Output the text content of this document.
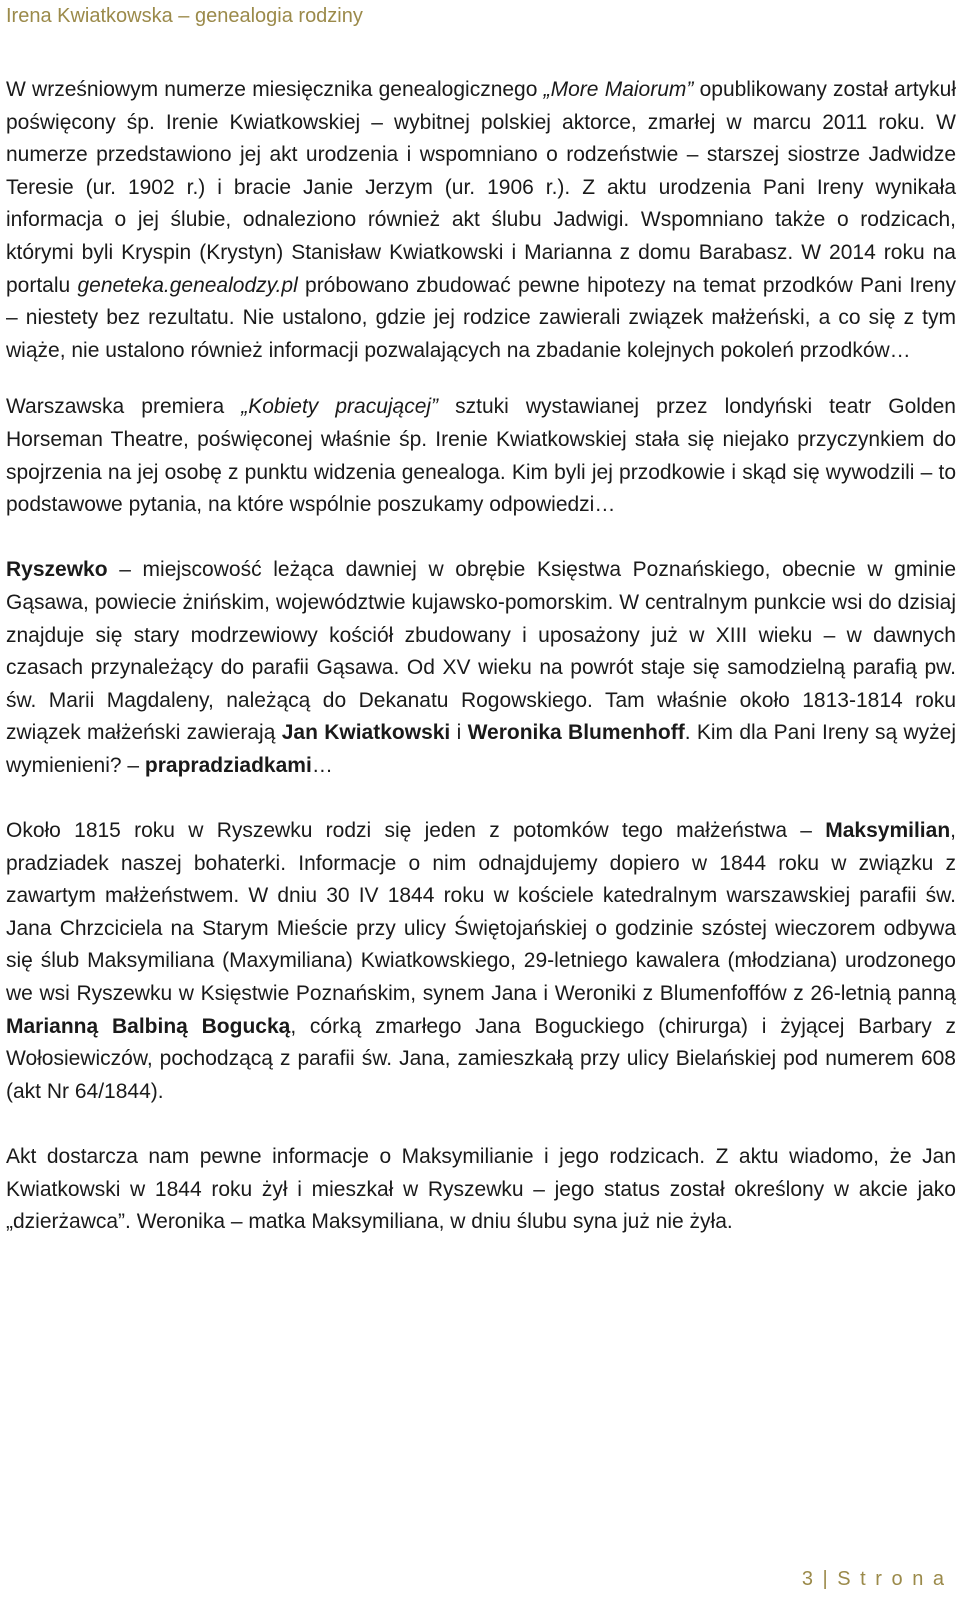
Irena Kwiatkowska – genealogia rodziny

W wrześniowym numerze miesięcznika genealogicznego „More Maiorum” opublikowany został artykuł poświęcony śp. Irenie Kwiatkowskiej – wybitnej polskiej aktorce, zmarłej w marcu 2011 roku. W numerze przedstawiono jej akt urodzenia i wspomniano o rodzeństwie – starszej siostrze Jadwidze Teresie (ur. 1902 r.) i bracie Janie Jerzym (ur. 1906 r.). Z aktu urodzenia Pani Ireny wynikała informacja o jej ślubie, odnaleziono również akt ślubu Jadwigi. Wspomniano także o rodzicach, którymi byli Kryspin (Krystyn) Stanisław Kwiatkowski i Marianna z domu Barabasz. W 2014 roku na portalu geneteka.genealodzy.pl próbowano zbudować pewne hipotezy na temat przodków Pani Ireny – niestety bez rezultatu. Nie ustalono, gdzie jej rodzice zawierali związek małżeński, a co się z tym wiąże, nie ustalono również informacji pozwalających na zbadanie kolejnych pokoleń przodków…

Warszawska premiera „Kobiety pracującej” sztuki wystawianej przez londyński teatr Golden Horseman Theatre, poświęconej właśnie śp. Irenie Kwiatkowskiej stała się niejako przyczynkiem do spojrzenia na jej osobę z punktu widzenia genealoga. Kim byli jej przodkowie i skąd się wywodzili – to podstawowe pytania, na które wspólnie poszukamy odpowiedzi…

Ryszewko – miejscowość leżąca dawniej w obrębie Księstwa Poznańskiego, obecnie w gminie Gąsawa, powiecie żnińskim, województwie kujawsko-pomorskim. W centralnym punkcie wsi do dzisiaj znajduje się stary modrzewiowy kościół zbudowany i uposażony już w XIII wieku – w dawnych czasach przynależący do parafii Gąsawa. Od XV wieku na powrót staje się samodzielną parafią pw. św. Marii Magdaleny, należącą do Dekanatu Rogowskiego. Tam właśnie około 1813-1814 roku związek małżeński zawierają Jan Kwiatkowski i Weronika Blumenhoff. Kim dla Pani Ireny są wyżej wymienieni? – prapradziadkami…

Około 1815 roku w Ryszewku rodzi się jeden z potomków tego małżeństwa – Maksymilian, pradziadek naszej bohaterki. Informacje o nim odnajdujemy dopiero w 1844 roku w związku z zawartym małżeństwem. W dniu 30 IV 1844 roku w kościele katedralnym warszawskiej parafii św. Jana Chrzciciela na Starym Mieście przy ulicy Świętojańskiej o godzinie szóstej wieczorem odbywa się ślub Maksymiliana (Maxymiliana) Kwiatkowskiego, 29-letniego kawalera (młodziana) urodzonego we wsi Ryszewku w Księstwie Poznańskim, synem Jana i Weroniki z Blumenfoffów z 26-letnią panną Marianną Balbiną Bogucką, córką zmarłego Jana Boguckiego (chirurga) i żyjącej Barbary z Wołosiewiczów, pochodzącą z parafii św. Jana, zamieszkałą przy ulicy Bielańskiej pod numerem 608 (akt Nr 64/1844).

Akt dostarcza nam pewne informacje o Maksymilianie i jego rodzicach. Z aktu wiadomo, że Jan Kwiatkowski w 1844 roku żył i mieszkał w Ryszewku – jego status został określony w akcie jako „dzierżawca”. Weronika – matka Maksymiliana, w dniu ślubu syna już nie żyła.

3 | S t r o n a
